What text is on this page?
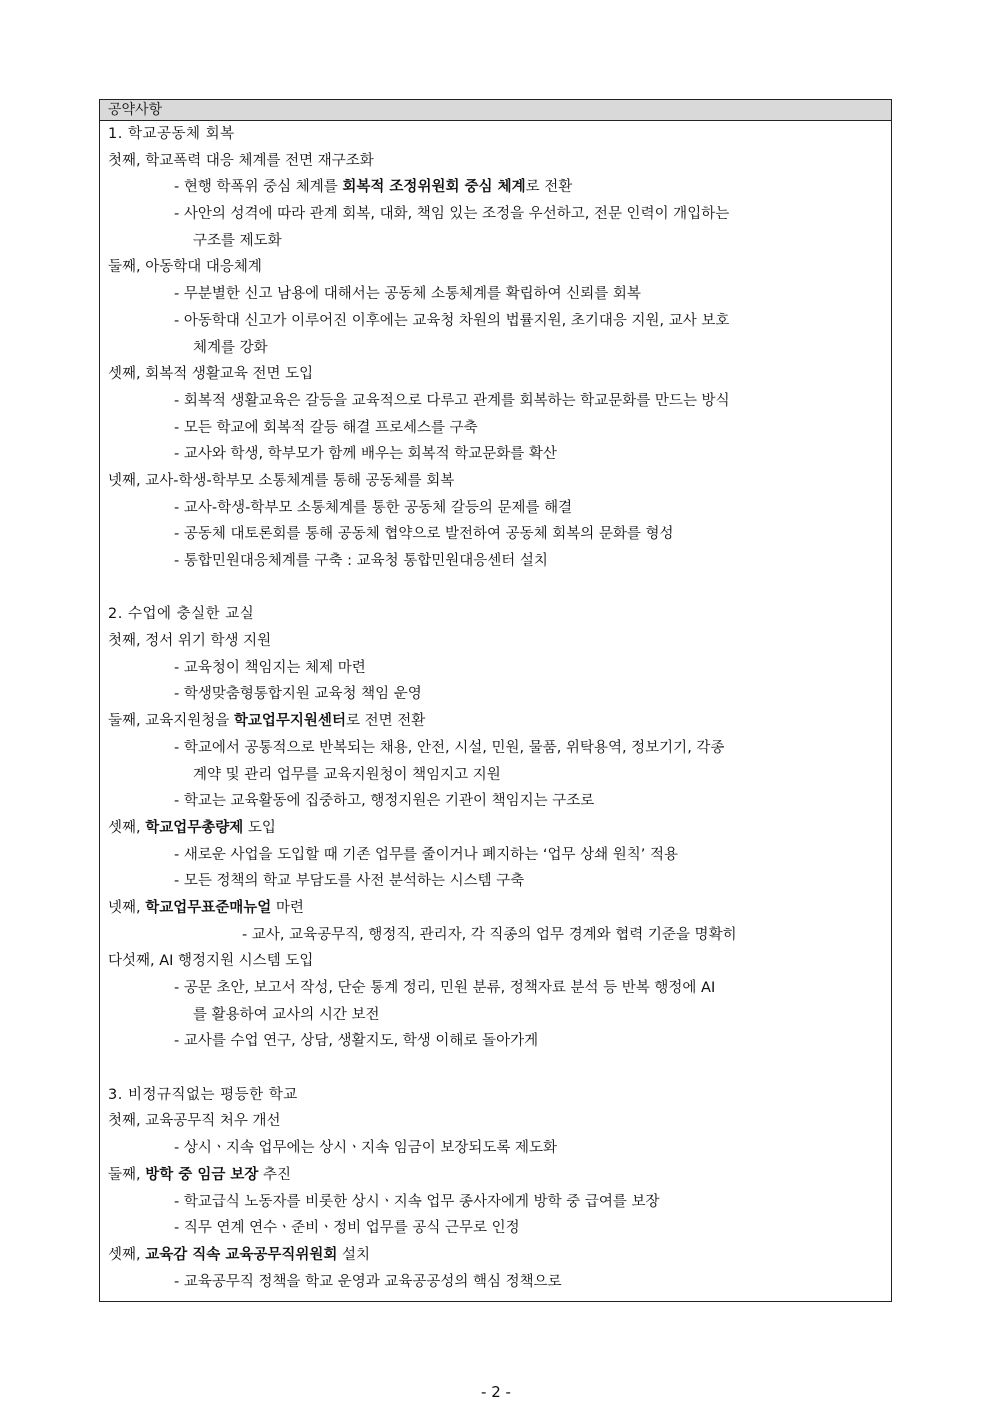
공약사항
1. 학교공동체 회복
첫째, 학교폭력 대응 체계를 전면 재구조화
- 현행 학폭위 중심 체계를 회복적 조정위원회 중심 체계로 전환
- 사안의 성격에 따라 관계 회복, 대화, 책임 있는 조정을 우선하고, 전문 인력이 개입하는
구조를 제도화
둘째, 아동학대 대응체계
- 무분별한 신고 남용에 대해서는 공동체 소통체계를 확립하여 신뢰를 회복
- 아동학대 신고가 이루어진 이후에는 교육청 차원의 법률지원, 초기대응 지원, 교사 보호
체계를 강화
셋째, 회복적 생활교육 전면 도입
- 회복적 생활교육은 갈등을 교육적으로 다루고 관계를 회복하는 학교문화를 만드는 방식
- 모든 학교에 회복적 갈등 해결 프로세스를 구축
- 교사와 학생, 학부모가 함께 배우는 회복적 학교문화를 확산
넷째, 교사-학생-학부모 소통체계를 통해 공동체를 회복
- 교사-학생-학부모 소통체계를 통한 공동체 갈등의 문제를 해결
- 공동체 대토론회를 통해 공동체 협약으로 발전하여 공동체 회복의 문화를 형성
- 통합민원대응체계를 구축 : 교육청 통합민원대응센터 설치
2. 수업에 충실한 교실
첫째, 정서 위기 학생 지원
- 교육청이 책임지는 체제 마련
- 학생맞춤형통합지원 교육청 책임 운영
둘째, 교육지원청을 학교업무지원센터로 전면 전환
- 학교에서 공통적으로 반복되는 채용, 안전, 시설, 민원, 물품, 위탁용역, 정보기기, 각종
계약 및 관리 업무를 교육지원청이 책임지고 지원
- 학교는 교육활동에 집중하고, 행정지원은 기관이 책임지는 구조로
셋째, 학교업무총량제 도입
- 새로운 사업을 도입할 때 기존 업무를 줄이거나 폐지하는 ‘업무 상쇄 원칙’ 적용
- 모든 정책의 학교 부담도를 사전 분석하는 시스템 구축
넷째, 학교업무표준매뉴얼 마련
- 교사, 교육공무직, 행정직, 관리자, 각 직종의 업무 경계와 협력 기준을 명확히
다섯째, AI 행정지원 시스템 도입
- 공문 초안, 보고서 작성, 단순 통계 정리, 민원 분류, 정책자료 분석 등 반복 행정에 AI
를 활용하여 교사의 시간 보전
- 교사를 수업 연구, 상담, 생활지도, 학생 이해로 돌아가게
3. 비정규직없는 평등한 학교
첫째, 교육공무직 처우 개선
- 상시ㆍ지속 업무에는 상시ㆍ지속 임금이 보장되도록 제도화
둘째, 방학 중 임금 보장 추진
- 학교급식 노동자를 비롯한 상시ㆍ지속 업무 종사자에게 방학 중 급여를 보장
- 직무 연계 연수ㆍ준비ㆍ정비 업무를 공식 근무로 인정
셋째, 교육감 직속 교육공무직위원회 설치
- 교육공무직 정책을 학교 운영과 교육공공성의 핵심 정책으로
- 2 -
